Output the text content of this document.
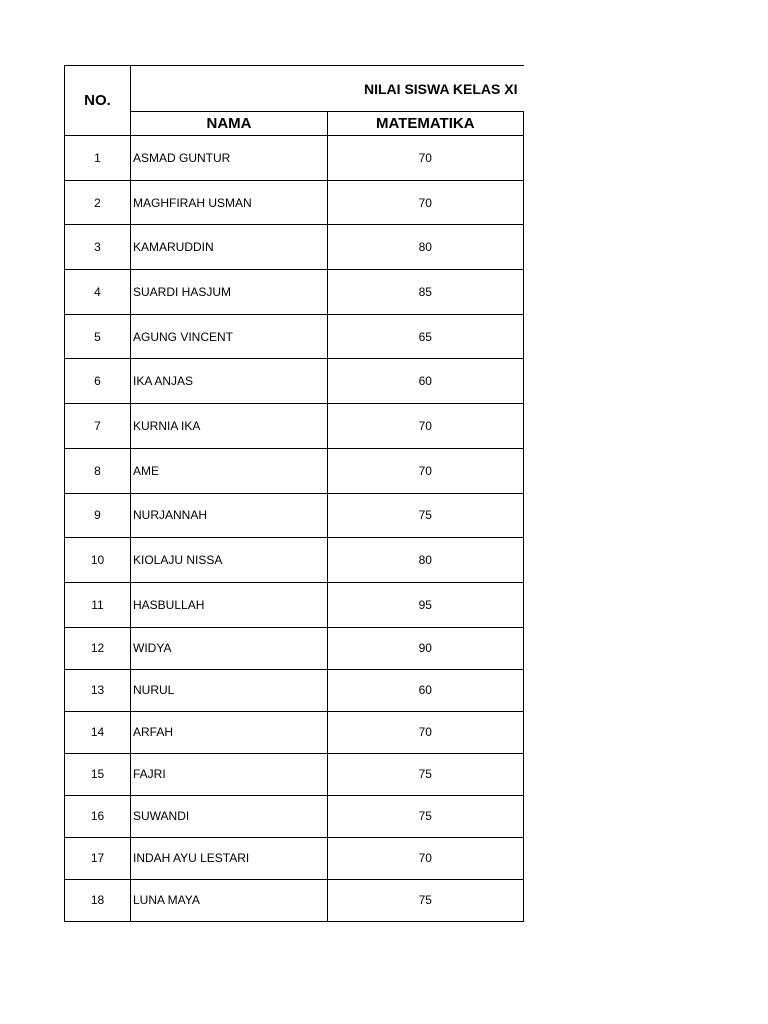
NO.	NILAI SISWA KELAS XI		
	NAMA	MATEMATIKA	
1	ASMAD GUNTUR	70	
2	MAGHFIRAH USMAN	70	
3	KAMARUDDIN	80	
4	SUARDI HASJUM	85	
5	AGUNG VINCENT	65	
6	IKA ANJAS	60	
7	KURNIA IKA	70	
8	AME	70	
9	NURJANNAH	75	
10	KIOLAJU NISSA	80	
11	HASBULLAH	95	
12	WIDYA	90	
13	NURUL	60	
14	ARFAH	70	
15	FAJRI	75	
16	SUWANDI	75	
17	INDAH AYU LESTARI	70	
18	LUNA MAYA	75	
